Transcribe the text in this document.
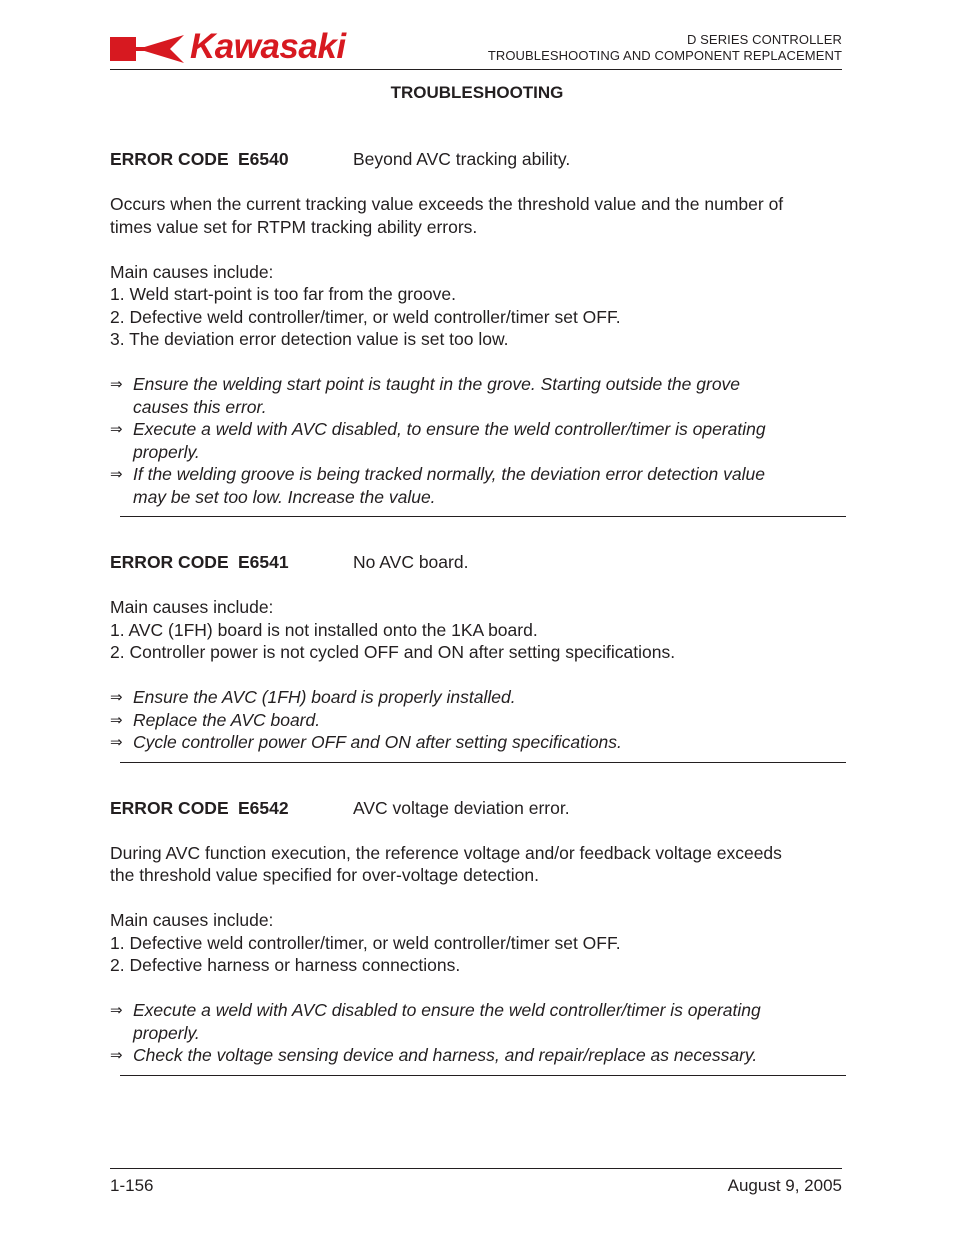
Kawasaki	D SERIES CONTROLLER
TROUBLESHOOTING AND COMPONENT REPLACEMENT
TROUBLESHOOTING
ERROR CODE E6540	Beyond AVC tracking ability.
Occurs when the current tracking value exceeds the threshold value and the number of
times value set for RTPM tracking ability errors.
Main causes include:
1. Weld start-point is too far from the groove.
2. Defective weld controller/timer, or weld controller/timer set OFF.
3. The deviation error detection value is set too low.
⇒ Ensure the welding start point is taught in the grove. Starting outside the grove
causes this error.
⇒ Execute a weld with AVC disabled, to ensure the weld controller/timer is operating
properly.
⇒ If the welding groove is being tracked normally, the deviation error detection value
may be set too low. Increase the value.
ERROR CODE E6541	No AVC board.
Main causes include:
1. AVC (1FH) board is not installed onto the 1KA board.
2. Controller power is not cycled OFF and ON after setting specifications.
⇒ Ensure the AVC (1FH) board is properly installed.
⇒ Replace the AVC board.
⇒ Cycle controller power OFF and ON after setting specifications.
ERROR CODE E6542	AVC voltage deviation error.
During AVC function execution, the reference voltage and/or feedback voltage exceeds
the threshold value specified for over-voltage detection.
Main causes include:
1. Defective weld controller/timer, or weld controller/timer set OFF.
2. Defective harness or harness connections.
⇒ Execute a weld with AVC disabled to ensure the weld controller/timer is operating
properly.
⇒ Check the voltage sensing device and harness, and repair/replace as necessary.
1-156	August 9, 2005
